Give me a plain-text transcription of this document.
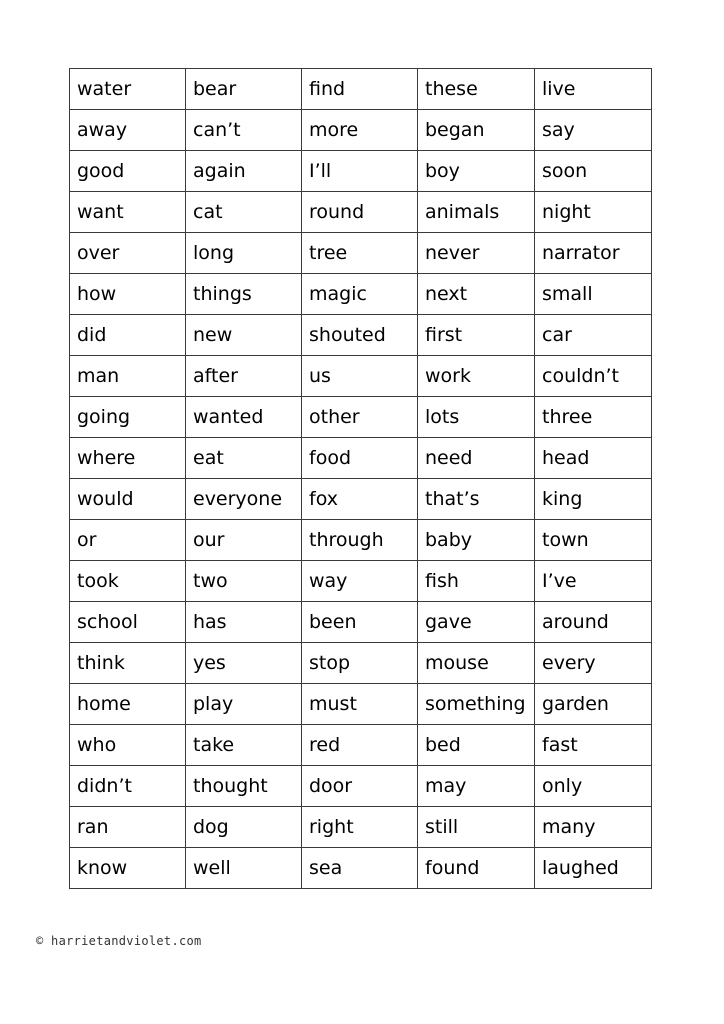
water	bear	find	these	live
away	can’t	more	began	say
good	again	I’ll	boy	soon
want	cat	round	animals	night
over	long	tree	never	narrator
how	things	magic	next	small
did	new	shouted	first	car
man	after	us	work	couldn’t
going	wanted	other	lots	three
where	eat	food	need	head
would	everyone	fox	that’s	king
or	our	through	baby	town
took	two	way	fish	I’ve
school	has	been	gave	around
think	yes	stop	mouse	every
home	play	must	something	garden
who	take	red	bed	fast
didn’t	thought	door	may	only
ran	dog	right	still	many
know	well	sea	found	laughed
© harrietandviolet.com
